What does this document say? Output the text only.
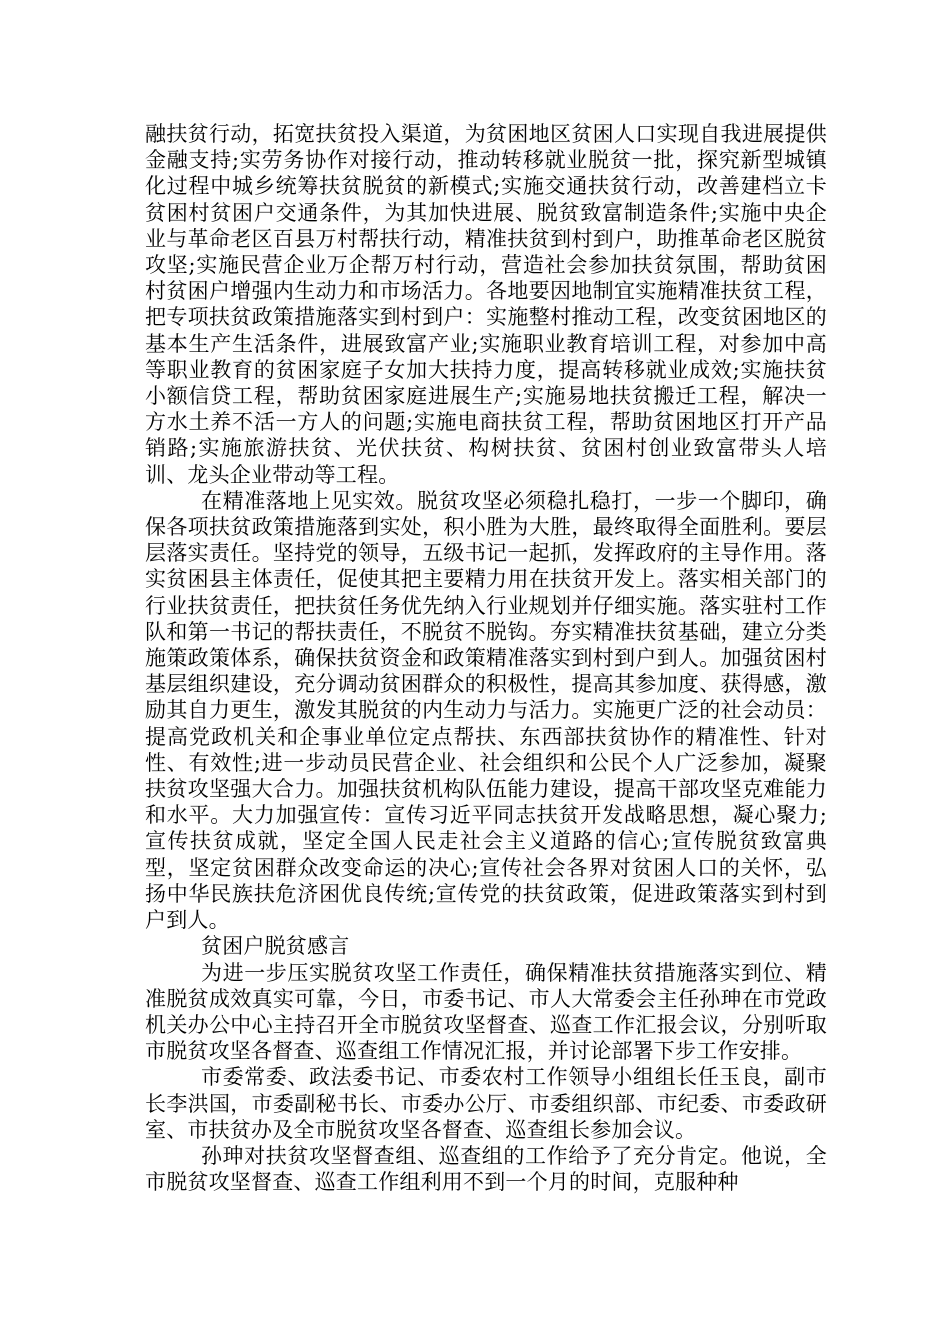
融扶贫行动，拓宽扶贫投入渠道，为贫困地区贫困人口实现自我进展提供金融支持;实劳务协作对接行动，推动转移就业脱贫一批，探究新型城镇化过程中城乡统筹扶贫脱贫的新模式;实施交通扶贫行动，改善建档立卡贫困村贫困户交通条件，为其加快进展、脱贫致富制造条件;实施中央企业与革命老区百县万村帮扶行动，精准扶贫到村到户，助推革命老区脱贫攻坚;实施民营企业万企帮万村行动，营造社会参加扶贫氛围，帮助贫困村贫困户增强内生动力和市场活力。各地要因地制宜实施精准扶贫工程，把专项扶贫政策措施落实到村到户：实施整村推动工程，改变贫困地区的基本生产生活条件，进展致富产业;实施职业教育培训工程，对参加中高等职业教育的贫困家庭子女加大扶持力度，提高转移就业成效;实施扶贫小额信贷工程，帮助贫困家庭进展生产;实施易地扶贫搬迁工程，解决一方水土养不活一方人的问题;实施电商扶贫工程，帮助贫困地区打开产品销路;实施旅游扶贫、光伏扶贫、构树扶贫、贫困村创业致富带头人培训、龙头企业带动等工程。

在精准落地上见实效。脱贫攻坚必须稳扎稳打，一步一个脚印，确保各项扶贫政策措施落到实处，积小胜为大胜，最终取得全面胜利。要层层落实责任。坚持党的领导，五级书记一起抓，发挥政府的主导作用。落实贫困县主体责任，促使其把主要精力用在扶贫开发上。落实相关部门的行业扶贫责任，把扶贫任务优先纳入行业规划并仔细实施。落实驻村工作队和第一书记的帮扶责任，不脱贫不脱钩。夯实精准扶贫基础，建立分类施策政策体系，确保扶贫资金和政策精准落实到村到户到人。加强贫困村基层组织建设，充分调动贫困群众的积极性，提高其参加度、获得感，激励其自力更生，激发其脱贫的内生动力与活力。实施更广泛的社会动员：提高党政机关和企事业单位定点帮扶、东西部扶贫协作的精准性、针对性、有效性;进一步动员民营企业、社会组织和公民个人广泛参加，凝聚扶贫攻坚强大合力。加强扶贫机构队伍能力建设，提高干部攻坚克难能力和水平。大力加强宣传：宣传习近平同志扶贫开发战略思想，凝心聚力;宣传扶贫成就，坚定全国人民走社会主义道路的信心;宣传脱贫致富典型，坚定贫困群众改变命运的决心;宣传社会各界对贫困人口的关怀，弘扬中华民族扶危济困优良传统;宣传党的扶贫政策，促进政策落实到村到户到人。

贫困户脱贫感言

为进一步压实脱贫攻坚工作责任，确保精准扶贫措施落实到位、精准脱贫成效真实可靠，今日，市委书记、市人大常委会主任孙珅在市党政机关办公中心主持召开全市脱贫攻坚督查、巡查工作汇报会议，分别听取市脱贫攻坚各督查、巡查组工作情况汇报，并讨论部署下步工作安排。

市委常委、政法委书记、市委农村工作领导小组组长任玉良，副市长李洪国，市委副秘书长、市委办公厅、市委组织部、市纪委、市委政研室、市扶贫办及全市脱贫攻坚各督查、巡查组长参加会议。

孙珅对扶贫攻坚督查组、巡查组的工作给予了充分肯定。他说，全市脱贫攻坚督查、巡查工作组利用不到一个月的时间，克服种种
